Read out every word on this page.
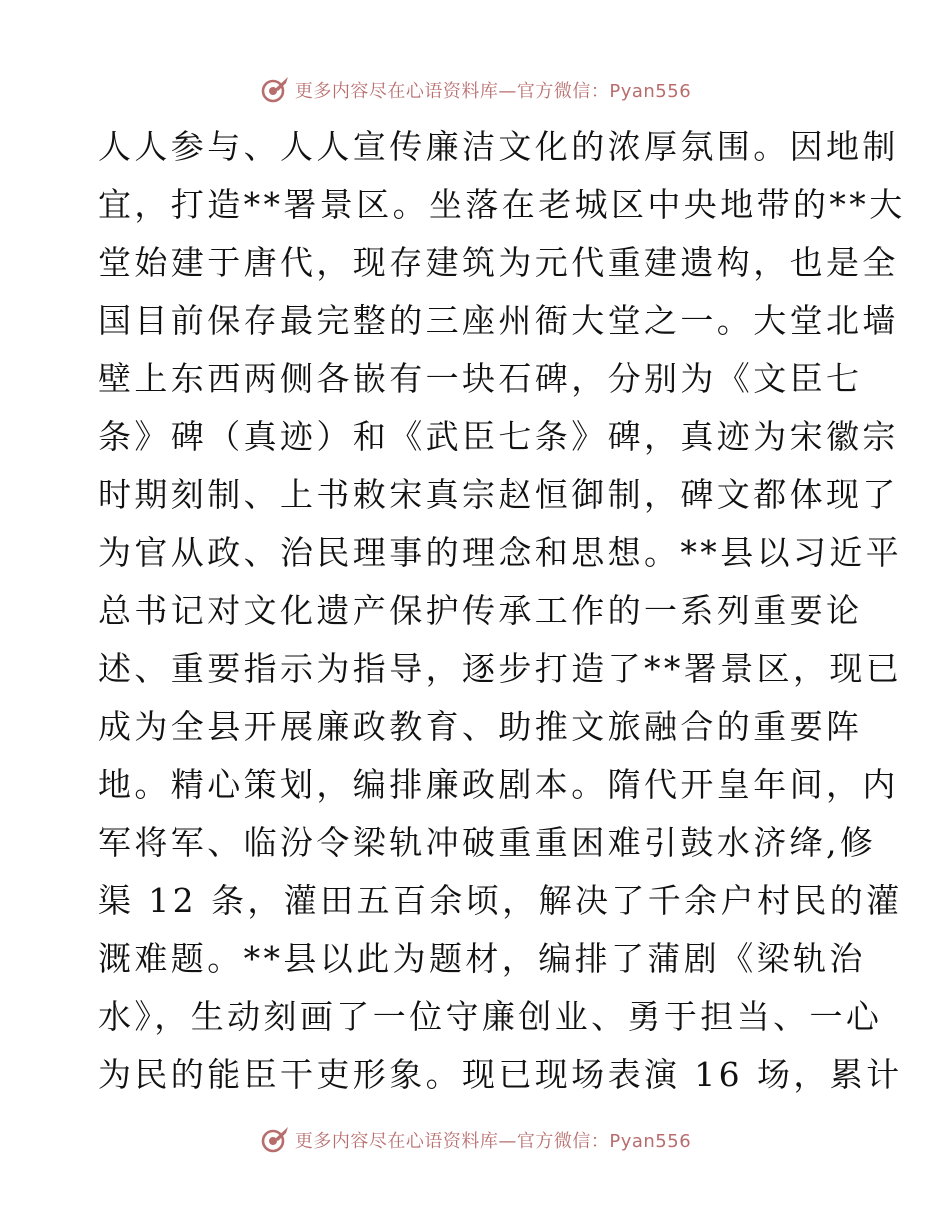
更多内容尽在心语资料库—官方微信：Pyan556
人人参与、人人宣传廉洁文化的浓厚氛围。因地制
宜，打造**署景区。坐落在老城区中央地带的**大
堂始建于唐代，现存建筑为元代重建遗构，也是全
国目前保存最完整的三座州衙大堂之一。大堂北墙
壁上东西两侧各嵌有一块石碑，分别为《文臣七
条》碑（真迹）和《武臣七条》碑，真迹为宋徽宗
时期刻制、上书敕宋真宗赵恒御制，碑文都体现了
为官从政、治民理事的理念和思想。**县以习近平
总书记对文化遗产保护传承工作的一系列重要论
述、重要指示为指导，逐步打造了**署景区，现已
成为全县开展廉政教育、助推文旅融合的重要阵
地。精心策划，编排廉政剧本。隋代开皇年间，内
军将军、临汾令梁轨冲破重重困难引鼓水济绛,修
渠 12 条，灌田五百余顷，解决了千余户村民的灌
溉难题。**县以此为题材，编排了蒲剧《梁轨治
水》，生动刻画了一位守廉创业、勇于担当、一心
为民的能臣干吏形象。现已现场表演 16 场，累计
更多内容尽在心语资料库—官方微信：Pyan556
